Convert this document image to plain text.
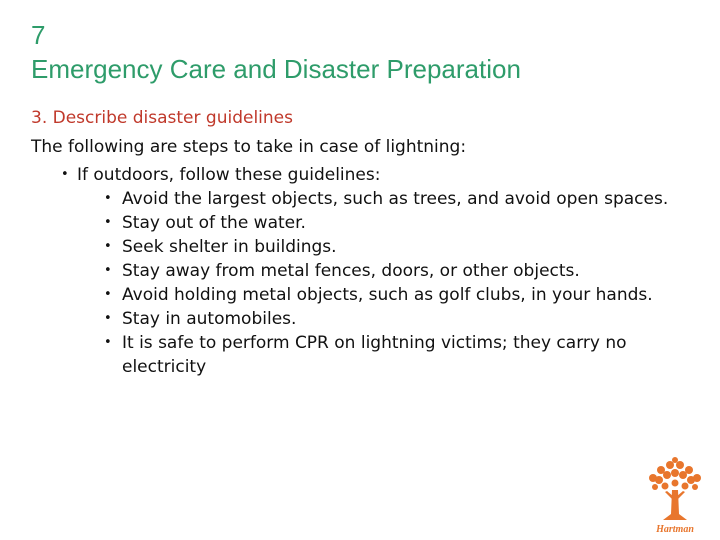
7
Emergency Care and Disaster Preparation
3. Describe disaster guidelines

The following are steps to take in case of lightning:

• If outdoors, follow these guidelines:
• Avoid the largest objects, such as trees, and avoid open spaces.
• Stay out of the water.
• Seek shelter in buildings.
• Stay away from metal fences, doors, or other objects.
• Avoid holding metal objects, such as golf clubs, in your hands.
• Stay in automobiles.
• It is safe to perform CPR on lightning victims; they carry no electricity
Hartman
